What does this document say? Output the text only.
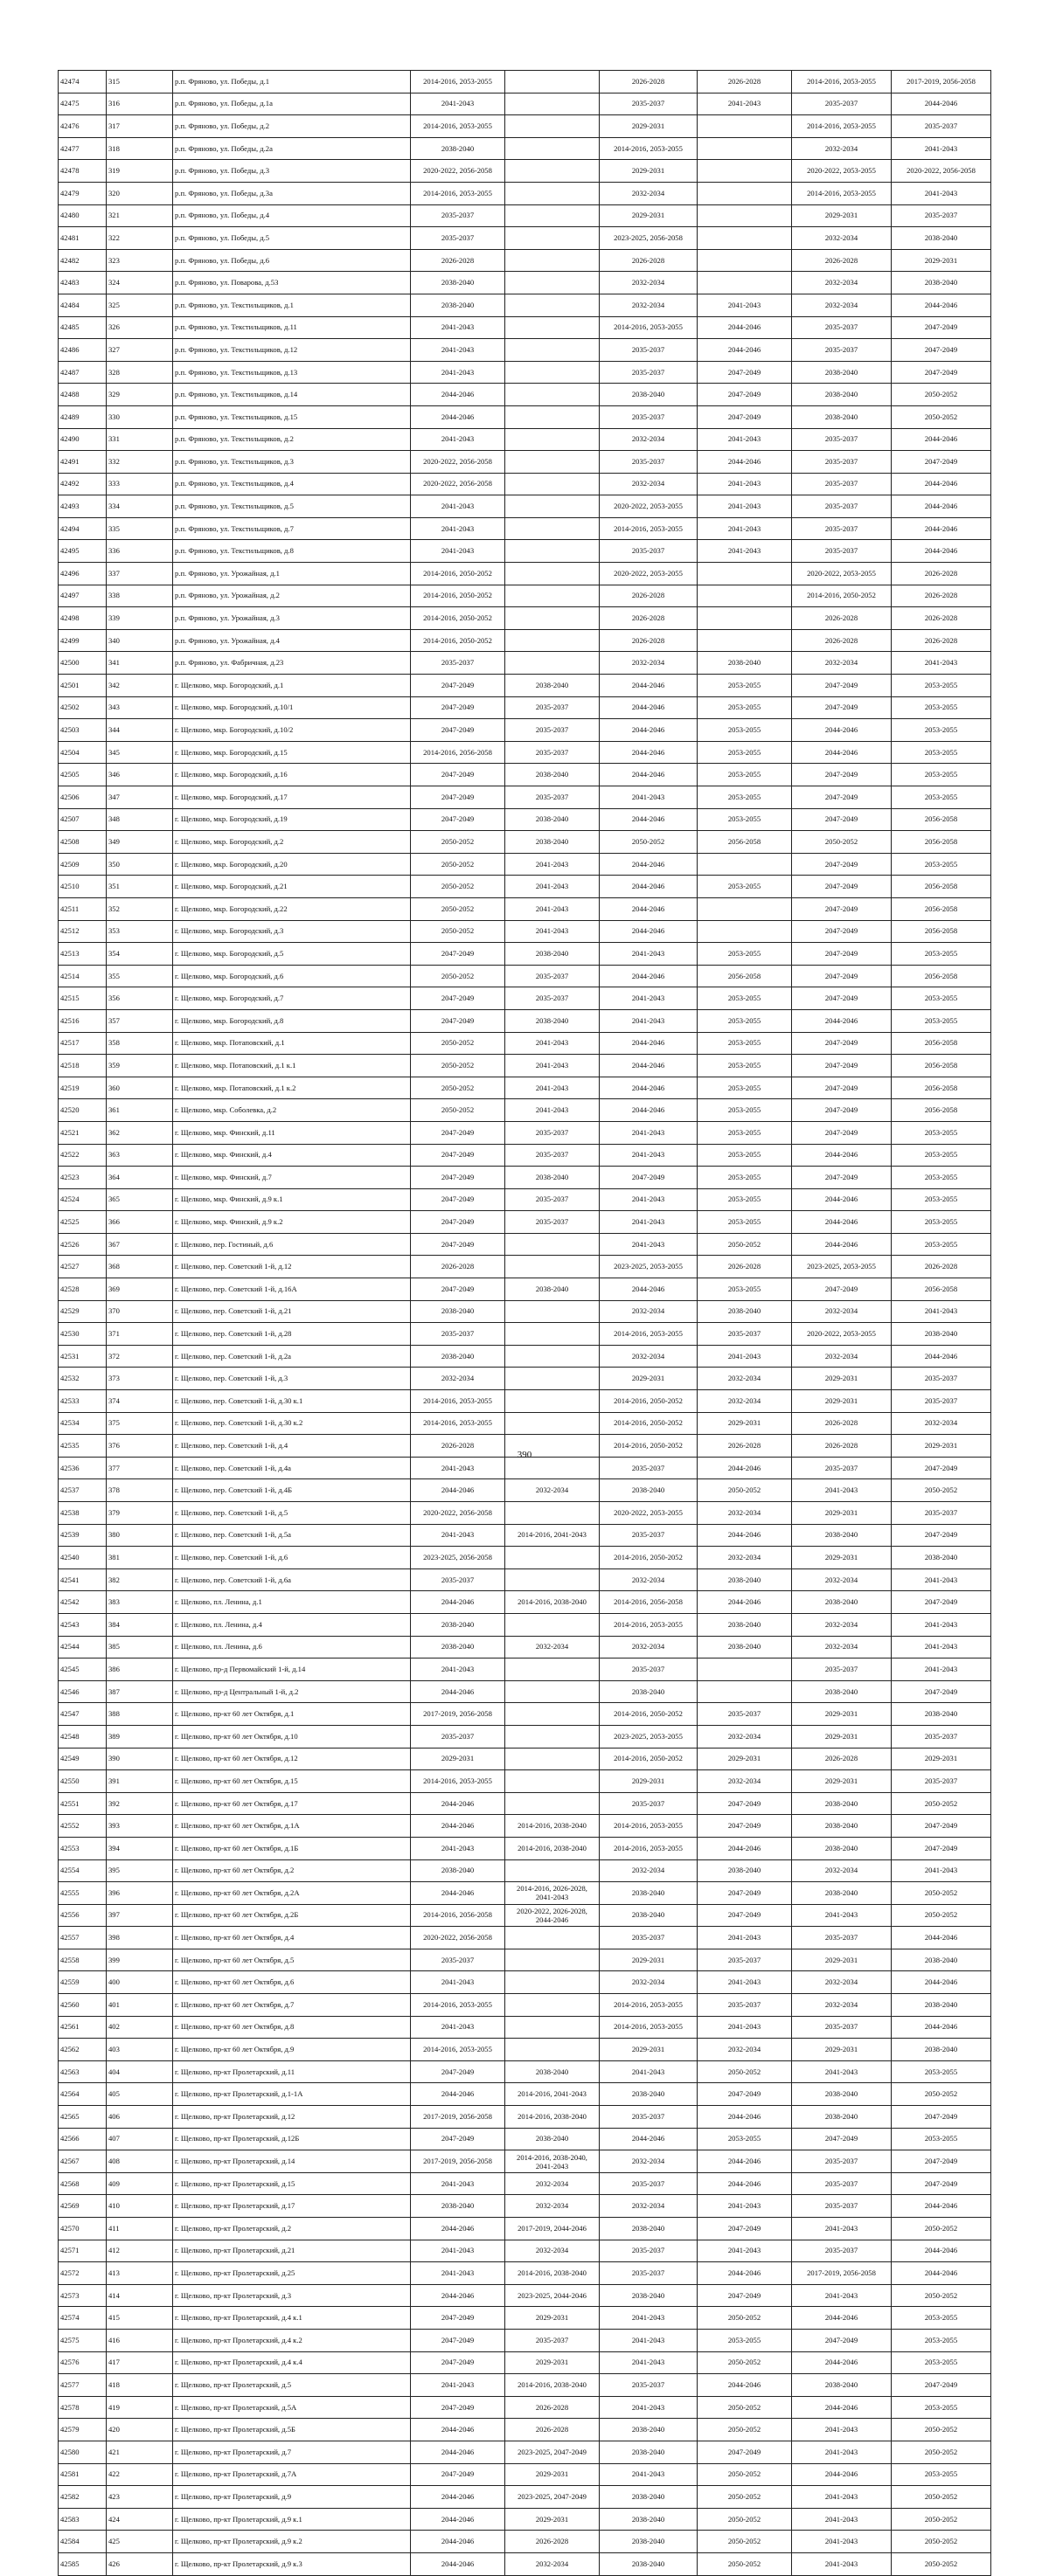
42474	315	р.п. Фряново, ул. Победы, д.1	2014-2016, 2053-2055		2026-2028	2026-2028	2014-2016, 2053-2055	2017-2019, 2056-2058
42475	316	р.п. Фряново, ул. Победы, д.1а	2041-2043		2035-2037	2041-2043	2035-2037	2044-2046
42476	317	р.п. Фряново, ул. Победы, д.2	2014-2016, 2053-2055		2029-2031		2014-2016, 2053-2055	2035-2037
42477	318	р.п. Фряново, ул. Победы, д.2а	2038-2040		2014-2016, 2053-2055		2032-2034	2041-2043
42478	319	р.п. Фряново, ул. Победы, д.3	2020-2022, 2056-2058		2029-2031		2020-2022, 2053-2055	2020-2022, 2056-2058
42479	320	р.п. Фряново, ул. Победы, д.3а	2014-2016, 2053-2055		2032-2034		2014-2016, 2053-2055	2041-2043
42480	321	р.п. Фряново, ул. Победы, д.4	2035-2037		2029-2031		2029-2031	2035-2037
42481	322	р.п. Фряново, ул. Победы, д.5	2035-2037		2023-2025, 2056-2058		2032-2034	2038-2040
42482	323	р.п. Фряново, ул. Победы, д.6	2026-2028		2026-2028		2026-2028	2029-2031
42483	324	р.п. Фряново, ул. Поварова, д.53	2038-2040		2032-2034		2032-2034	2038-2040
42484	325	р.п. Фряново, ул. Текстильщиков, д.1	2038-2040		2032-2034	2041-2043	2032-2034	2044-2046
42485	326	р.п. Фряново, ул. Текстильщиков, д.11	2041-2043		2014-2016, 2053-2055	2044-2046	2035-2037	2047-2049
42486	327	р.п. Фряново, ул. Текстильщиков, д.12	2041-2043		2035-2037	2044-2046	2035-2037	2047-2049
42487	328	р.п. Фряново, ул. Текстильщиков, д.13	2041-2043		2035-2037	2047-2049	2038-2040	2047-2049
42488	329	р.п. Фряново, ул. Текстильщиков, д.14	2044-2046		2038-2040	2047-2049	2038-2040	2050-2052
42489	330	р.п. Фряново, ул. Текстильщиков, д.15	2044-2046		2035-2037	2047-2049	2038-2040	2050-2052
42490	331	р.п. Фряново, ул. Текстильщиков, д.2	2041-2043		2032-2034	2041-2043	2035-2037	2044-2046
42491	332	р.п. Фряново, ул. Текстильщиков, д.3	2020-2022, 2056-2058		2035-2037	2044-2046	2035-2037	2047-2049
42492	333	р.п. Фряново, ул. Текстильщиков, д.4	2020-2022, 2056-2058		2032-2034	2041-2043	2035-2037	2044-2046
42493	334	р.п. Фряново, ул. Текстильщиков, д.5	2041-2043		2020-2022, 2053-2055	2041-2043	2035-2037	2044-2046
42494	335	р.п. Фряново, ул. Текстильщиков, д.7	2041-2043		2014-2016, 2053-2055	2041-2043	2035-2037	2044-2046
42495	336	р.п. Фряново, ул. Текстильщиков, д.8	2041-2043		2035-2037	2041-2043	2035-2037	2044-2046
42496	337	р.п. Фряново, ул. Урожайная, д.1	2014-2016, 2050-2052		2020-2022, 2053-2055		2020-2022, 2053-2055	2026-2028
42497	338	р.п. Фряново, ул. Урожайная, д.2	2014-2016, 2050-2052		2026-2028		2014-2016, 2050-2052	2026-2028
42498	339	р.п. Фряново, ул. Урожайная, д.3	2014-2016, 2050-2052		2026-2028		2026-2028	2026-2028
42499	340	р.п. Фряново, ул. Урожайная, д.4	2014-2016, 2050-2052		2026-2028		2026-2028	2026-2028
42500	341	р.п. Фряново, ул. Фабричная, д.23	2035-2037		2032-2034	2038-2040	2032-2034	2041-2043
42501	342	г. Щелково, мкр. Богородский, д.1	2047-2049	2038-2040	2044-2046	2053-2055	2047-2049	2053-2055
42502	343	г. Щелково, мкр. Богородский, д.10/1	2047-2049	2035-2037	2044-2046	2053-2055	2047-2049	2053-2055
42503	344	г. Щелково, мкр. Богородский, д.10/2	2047-2049	2035-2037	2044-2046	2053-2055	2044-2046	2053-2055
42504	345	г. Щелково, мкр. Богородский, д.15	2014-2016, 2056-2058	2035-2037	2044-2046	2053-2055	2044-2046	2053-2055
42505	346	г. Щелково, мкр. Богородский, д.16	2047-2049	2038-2040	2044-2046	2053-2055	2047-2049	2053-2055
42506	347	г. Щелково, мкр. Богородский, д.17	2047-2049	2035-2037	2041-2043	2053-2055	2047-2049	2053-2055
42507	348	г. Щелково, мкр. Богородский, д.19	2047-2049	2038-2040	2044-2046	2053-2055	2047-2049	2056-2058
42508	349	г. Щелково, мкр. Богородский, д.2	2050-2052	2038-2040	2050-2052	2056-2058	2050-2052	2056-2058
42509	350	г. Щелково, мкр. Богородский, д.20	2050-2052	2041-2043	2044-2046		2047-2049	2053-2055
42510	351	г. Щелково, мкр. Богородский, д.21	2050-2052	2041-2043	2044-2046	2053-2055	2047-2049	2056-2058
42511	352	г. Щелково, мкр. Богородский, д.22	2050-2052	2041-2043	2044-2046		2047-2049	2056-2058
42512	353	г. Щелково, мкр. Богородский, д.3	2050-2052	2041-2043	2044-2046		2047-2049	2056-2058
42513	354	г. Щелково, мкр. Богородский, д.5	2047-2049	2038-2040	2041-2043	2053-2055	2047-2049	2053-2055
42514	355	г. Щелково, мкр. Богородский, д.6	2050-2052	2035-2037	2044-2046	2056-2058	2047-2049	2056-2058
42515	356	г. Щелково, мкр. Богородский, д.7	2047-2049	2035-2037	2041-2043	2053-2055	2047-2049	2053-2055
42516	357	г. Щелково, мкр. Богородский, д.8	2047-2049	2038-2040	2041-2043	2053-2055	2044-2046	2053-2055
42517	358	г. Щелково, мкр. Потаповский, д.1	2050-2052	2041-2043	2044-2046	2053-2055	2047-2049	2056-2058
42518	359	г. Щелково, мкр. Потаповский, д.1 к.1	2050-2052	2041-2043	2044-2046	2053-2055	2047-2049	2056-2058
42519	360	г. Щелково, мкр. Потаповский, д.1 к.2	2050-2052	2041-2043	2044-2046	2053-2055	2047-2049	2056-2058
42520	361	г. Щелково, мкр. Соболевка, д.2	2050-2052	2041-2043	2044-2046	2053-2055	2047-2049	2056-2058
42521	362	г. Щелково, мкр. Финский, д.11	2047-2049	2035-2037	2041-2043	2053-2055	2047-2049	2053-2055
42522	363	г. Щелково, мкр. Финский, д.4	2047-2049	2035-2037	2041-2043	2053-2055	2044-2046	2053-2055
42523	364	г. Щелково, мкр. Финский, д.7	2047-2049	2038-2040	2047-2049	2053-2055	2047-2049	2053-2055
42524	365	г. Щелково, мкр. Финский, д.9 к.1	2047-2049	2035-2037	2041-2043	2053-2055	2044-2046	2053-2055
42525	366	г. Щелково, мкр. Финский, д.9 к.2	2047-2049	2035-2037	2041-2043	2053-2055	2044-2046	2053-2055
42526	367	г. Щелково, пер. Гостиный, д.6	2047-2049		2041-2043	2050-2052	2044-2046	2053-2055
42527	368	г. Щелково, пер. Советский 1-й, д.12	2026-2028		2023-2025, 2053-2055	2026-2028	2023-2025, 2053-2055	2026-2028
42528	369	г. Щелково, пер. Советский 1-й, д.16А	2047-2049	2038-2040	2044-2046	2053-2055	2047-2049	2056-2058
42529	370	г. Щелково, пер. Советский 1-й, д.21	2038-2040		2032-2034	2038-2040	2032-2034	2041-2043
42530	371	г. Щелково, пер. Советский 1-й, д.28	2035-2037		2014-2016, 2053-2055	2035-2037	2020-2022, 2053-2055	2038-2040
42531	372	г. Щелково, пер. Советский 1-й, д.2а	2038-2040		2032-2034	2041-2043	2032-2034	2044-2046
42532	373	г. Щелково, пер. Советский 1-й, д.3	2032-2034		2029-2031	2032-2034	2029-2031	2035-2037
42533	374	г. Щелково, пер. Советский 1-й, д.30 к.1	2014-2016, 2053-2055		2014-2016, 2050-2052	2032-2034	2029-2031	2035-2037
42534	375	г. Щелково, пер. Советский 1-й, д.30 к.2	2014-2016, 2053-2055		2014-2016, 2050-2052	2029-2031	2026-2028	2032-2034
42535	376	г. Щелково, пер. Советский 1-й, д.4	2026-2028		2014-2016, 2050-2052	2026-2028	2026-2028	2029-2031
42536	377	г. Щелково, пер. Советский 1-й, д.4а	2041-2043		2035-2037	2044-2046	2035-2037	2047-2049
42537	378	г. Щелково, пер. Советский 1-й, д.4Б	2044-2046	2032-2034	2038-2040	2050-2052	2041-2043	2050-2052
42538	379	г. Щелково, пер. Советский 1-й, д.5	2020-2022, 2056-2058		2020-2022, 2053-2055	2032-2034	2029-2031	2035-2037
42539	380	г. Щелково, пер. Советский 1-й, д.5а	2041-2043	2014-2016, 2041-2043	2035-2037	2044-2046	2038-2040	2047-2049
42540	381	г. Щелково, пер. Советский 1-й, д.6	2023-2025, 2056-2058		2014-2016, 2050-2052	2032-2034	2029-2031	2038-2040
42541	382	г. Щелково, пер. Советский 1-й, д.6а	2035-2037		2032-2034	2038-2040	2032-2034	2041-2043
42542	383	г. Щелково, пл. Ленина, д.1	2044-2046	2014-2016, 2038-2040	2014-2016, 2056-2058	2044-2046	2038-2040	2047-2049
42543	384	г. Щелково, пл. Ленина, д.4	2038-2040		2014-2016, 2053-2055	2038-2040	2032-2034	2041-2043
42544	385	г. Щелково, пл. Ленина, д.6	2038-2040	2032-2034	2032-2034	2038-2040	2032-2034	2041-2043
42545	386	г. Щелково, пр-д Первомайский 1-й, д.14	2041-2043		2035-2037		2035-2037	2041-2043
42546	387	г. Щелково, пр-д Центральный 1-й, д.2	2044-2046		2038-2040		2038-2040	2047-2049
42547	388	г. Щелково, пр-кт 60 лет Октября, д.1	2017-2019, 2056-2058		2014-2016, 2050-2052	2035-2037	2029-2031	2038-2040
42548	389	г. Щелково, пр-кт 60 лет Октября, д.10	2035-2037		2023-2025, 2053-2055	2032-2034	2029-2031	2035-2037
42549	390	г. Щелково, пр-кт 60 лет Октября, д.12	2029-2031		2014-2016, 2050-2052	2029-2031	2026-2028	2029-2031
42550	391	г. Щелково, пр-кт 60 лет Октября, д.15	2014-2016, 2053-2055		2029-2031	2032-2034	2029-2031	2035-2037
42551	392	г. Щелково, пр-кт 60 лет Октября, д.17	2044-2046		2035-2037	2047-2049	2038-2040	2050-2052
42552	393	г. Щелково, пр-кт 60 лет Октября, д.1А	2044-2046	2014-2016, 2038-2040	2014-2016, 2053-2055	2047-2049	2038-2040	2047-2049
42553	394	г. Щелково, пр-кт 60 лет Октября, д.1Б	2041-2043	2014-2016, 2038-2040	2014-2016, 2053-2055	2044-2046	2038-2040	2047-2049
42554	395	г. Щелково, пр-кт 60 лет Октября, д.2	2038-2040		2032-2034	2038-2040	2032-2034	2041-2043
42555	396	г. Щелково, пр-кт 60 лет Октября, д.2А	2044-2046	2014-2016, 2026-2028, 2041-2043	2038-2040	2047-2049	2038-2040	2050-2052
42556	397	г. Щелково, пр-кт 60 лет Октября, д.2Б	2014-2016, 2056-2058	2020-2022, 2026-2028, 2044-2046	2038-2040	2047-2049	2041-2043	2050-2052
42557	398	г. Щелково, пр-кт 60 лет Октября, д.4	2020-2022, 2056-2058		2035-2037	2041-2043	2035-2037	2044-2046
42558	399	г. Щелково, пр-кт 60 лет Октября, д.5	2035-2037		2029-2031	2035-2037	2029-2031	2038-2040
42559	400	г. Щелково, пр-кт 60 лет Октября, д.6	2041-2043		2032-2034	2041-2043	2032-2034	2044-2046
42560	401	г. Щелково, пр-кт 60 лет Октября, д.7	2014-2016, 2053-2055		2014-2016, 2053-2055	2035-2037	2032-2034	2038-2040
42561	402	г. Щелково, пр-кт 60 лет Октября, д.8	2041-2043		2014-2016, 2053-2055	2041-2043	2035-2037	2044-2046
42562	403	г. Щелково, пр-кт 60 лет Октября, д.9	2014-2016, 2053-2055		2029-2031	2032-2034	2029-2031	2038-2040
42563	404	г. Щелково, пр-кт Пролетарский, д.11	2047-2049	2038-2040	2041-2043	2050-2052	2041-2043	2053-2055
42564	405	г. Щелково, пр-кт Пролетарский, д.1-1А	2044-2046	2014-2016, 2041-2043	2038-2040	2047-2049	2038-2040	2050-2052
42565	406	г. Щелково, пр-кт Пролетарский, д.12	2017-2019, 2056-2058	2014-2016, 2038-2040	2035-2037	2044-2046	2038-2040	2047-2049
42566	407	г. Щелково, пр-кт Пролетарский, д.12Б	2047-2049	2038-2040	2044-2046	2053-2055	2047-2049	2053-2055
42567	408	г. Щелково, пр-кт Пролетарский, д.14	2017-2019, 2056-2058	2014-2016, 2038-2040, 2041-2043	2032-2034	2044-2046	2035-2037	2047-2049
42568	409	г. Щелково, пр-кт Пролетарский, д.15	2041-2043	2032-2034	2035-2037	2044-2046	2035-2037	2047-2049
42569	410	г. Щелково, пр-кт Пролетарский, д.17	2038-2040	2032-2034	2032-2034	2041-2043	2035-2037	2044-2046
42570	411	г. Щелково, пр-кт Пролетарский, д.2	2044-2046	2017-2019, 2044-2046	2038-2040	2047-2049	2041-2043	2050-2052
42571	412	г. Щелково, пр-кт Пролетарский, д.21	2041-2043	2032-2034	2035-2037	2041-2043	2035-2037	2044-2046
42572	413	г. Щелково, пр-кт Пролетарский, д.25	2041-2043	2014-2016, 2038-2040	2035-2037	2044-2046	2017-2019, 2056-2058	2044-2046
42573	414	г. Щелково, пр-кт Пролетарский, д.3	2044-2046	2023-2025, 2044-2046	2038-2040	2047-2049	2041-2043	2050-2052
42574	415	г. Щелково, пр-кт Пролетарский, д.4 к.1	2047-2049	2029-2031	2041-2043	2050-2052	2044-2046	2053-2055
42575	416	г. Щелково, пр-кт Пролетарский, д.4 к.2	2047-2049	2035-2037	2041-2043	2053-2055	2047-2049	2053-2055
42576	417	г. Щелково, пр-кт Пролетарский, д.4 к.4	2047-2049	2029-2031	2041-2043	2050-2052	2044-2046	2053-2055
42577	418	г. Щелково, пр-кт Пролетарский, д.5	2041-2043	2014-2016, 2038-2040	2035-2037	2044-2046	2038-2040	2047-2049
42578	419	г. Щелково, пр-кт Пролетарский, д.5А	2047-2049	2026-2028	2041-2043	2050-2052	2044-2046	2053-2055
42579	420	г. Щелково, пр-кт Пролетарский, д.5Б	2044-2046	2026-2028	2038-2040	2050-2052	2041-2043	2050-2052
42580	421	г. Щелково, пр-кт Пролетарский, д.7	2044-2046	2023-2025, 2047-2049	2038-2040	2047-2049	2041-2043	2050-2052
42581	422	г. Щелково, пр-кт Пролетарский, д.7А	2047-2049	2029-2031	2041-2043	2050-2052	2044-2046	2053-2055
42582	423	г. Щелково, пр-кт Пролетарский, д.9	2044-2046	2023-2025, 2047-2049	2038-2040	2050-2052	2041-2043	2050-2052
42583	424	г. Щелково, пр-кт Пролетарский, д.9 к.1	2044-2046	2029-2031	2038-2040	2050-2052	2041-2043	2050-2052
42584	425	г. Щелково, пр-кт Пролетарский, д.9 к.2	2044-2046	2026-2028	2038-2040	2050-2052	2041-2043	2050-2052
42585	426	г. Щелково, пр-кт Пролетарский, д.9 к.3	2044-2046	2032-2034	2038-2040	2050-2052	2041-2043	2050-2052
390
